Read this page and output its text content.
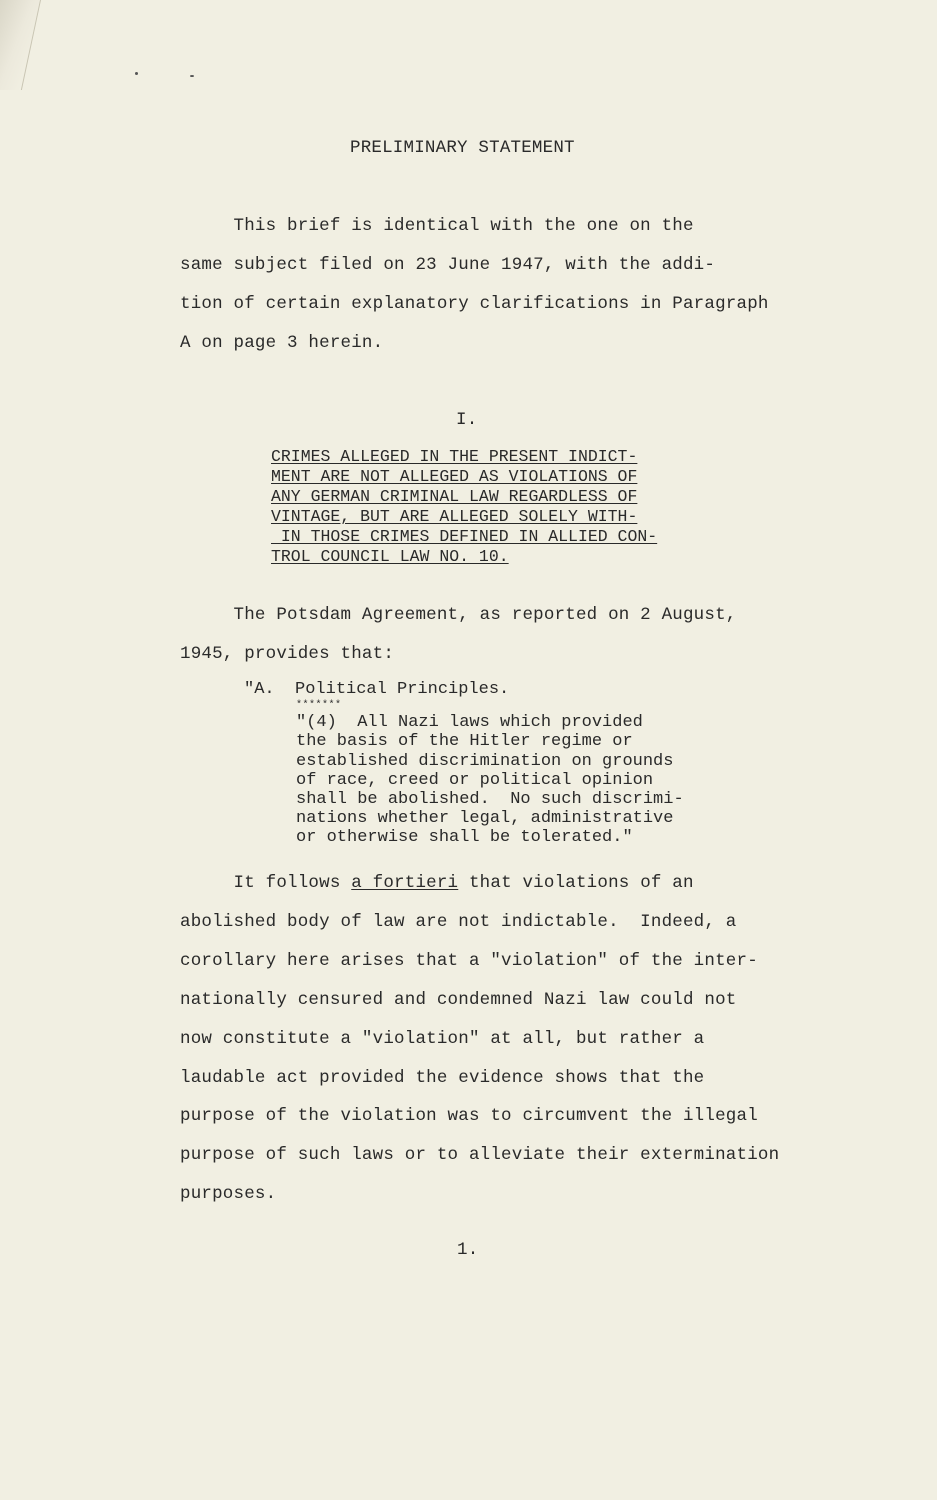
PRELIMINARY STATEMENT
This brief is identical with the one on the
same subject filed on 23 June 1947, with the addi-
tion of certain explanatory clarifications in Paragraph
A on page 3 herein.
I.
CRIMES ALLEGED IN THE PRESENT INDICT-
MENT ARE NOT ALLEGED AS VIOLATIONS OF
ANY GERMAN CRIMINAL LAW REGARDLESS OF
VINTAGE, BUT ARE ALLEGED SOLELY WITH-
IN THOSE CRIMES DEFINED IN ALLIED CON-
TROL COUNCIL LAW NO. 10.
The Potsdam Agreement, as reported on 2 August,
1945, provides that:
"A.  Political Principles.
*******
"(4)  All Nazi laws which provided
the basis of the Hitler regime or
established discrimination on grounds
of race, creed or political opinion
shall be abolished.  No such discrimi-
nations whether legal, administrative
or otherwise shall be tolerated."
It follows a fortieri that violations of an
abolished body of law are not indictable.  Indeed, a
corollary here arises that a "violation" of the inter-
nationally censured and condemned Nazi law could not
now constitute a "violation" at all, but rather a
laudable act provided the evidence shows that the
purpose of the violation was to circumvent the illegal
purpose of such laws or to alleviate their extermination
purposes.
1.
